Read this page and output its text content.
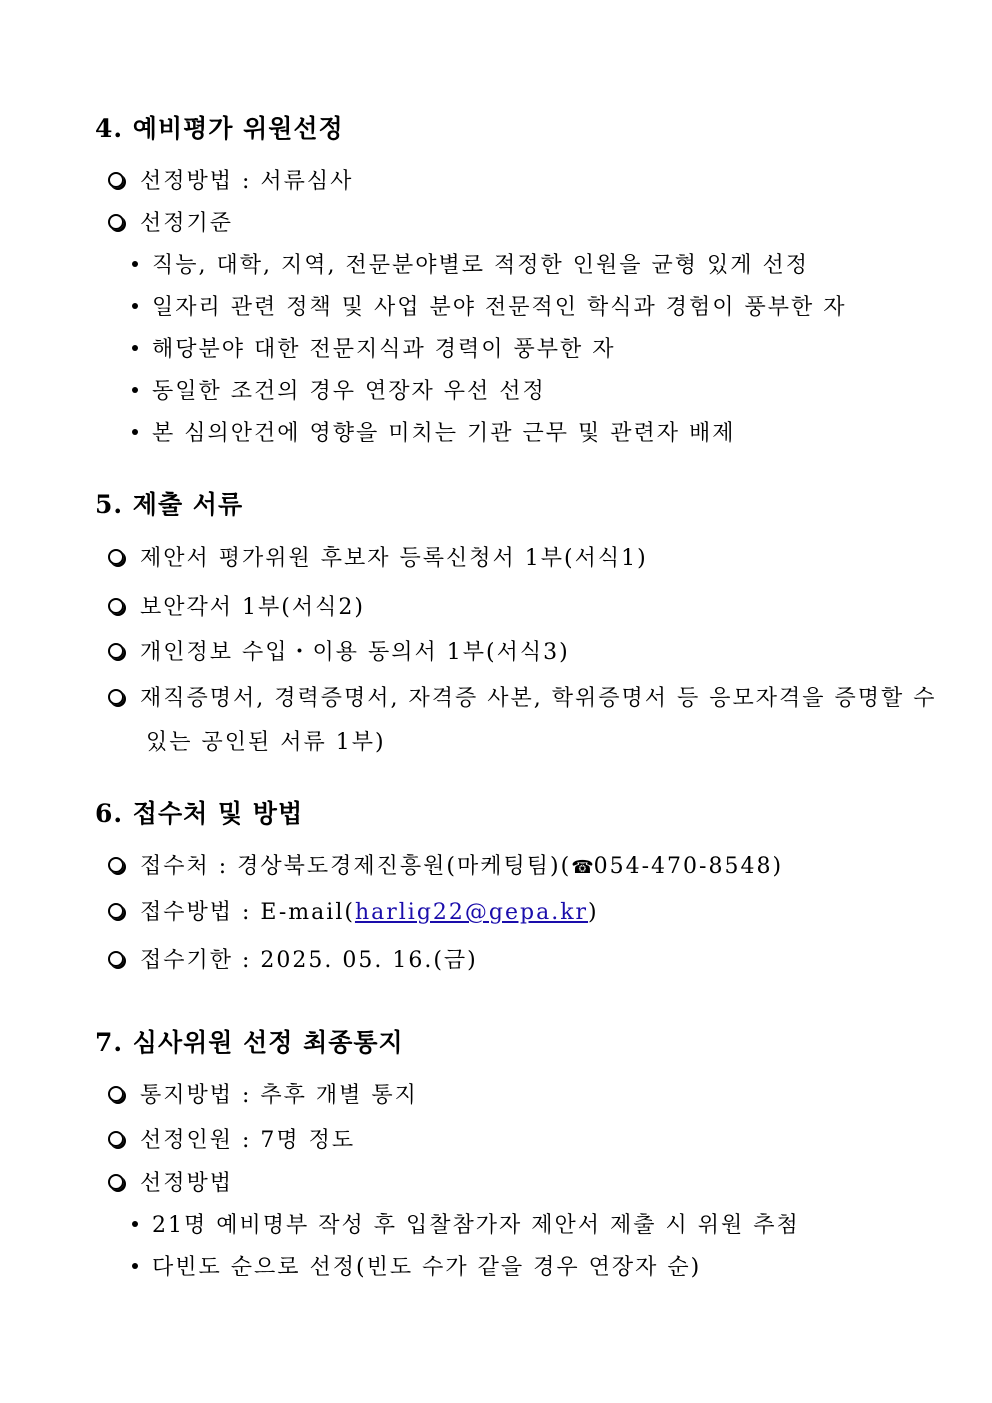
4. 예비평가 위원선정
선정방법 : 서류심사
선정기준
직능, 대학, 지역, 전문분야별로 적정한 인원을 균형 있게 선정
일자리 관련 정책 및 사업 분야 전문적인 학식과 경험이 풍부한 자
해당분야 대한 전문지식과 경력이 풍부한 자
동일한 조건의 경우 연장자 우선 선정
본 심의안건에 영향을 미치는 기관 근무 및 관련자 배제
5. 제출 서류
제안서 평가위원 후보자 등록신청서 1부(서식1)
보안각서 1부(서식2)
개인정보 수입・이용 동의서 1부(서식3)
재직증명서, 경력증명서, 자격증 사본, 학위증명서 등 응모자격을 증명할 수
있는 공인된 서류 1부)
6. 접수처 및 방법
접수처 : 경상북도경제진흥원(마케팅팀)(☎054-470-8548)
접수방법 : E-mail(harlig22@gepa.kr)
접수기한 : 2025. 05. 16.(금)
7. 심사위원 선정 최종통지
통지방법 : 추후 개별 통지
선정인원 : 7명 정도
선정방법
21명 예비명부 작성 후 입찰참가자 제안서 제출 시 위원 추첨
다빈도 순으로 선정(빈도 수가 같을 경우 연장자 순)
